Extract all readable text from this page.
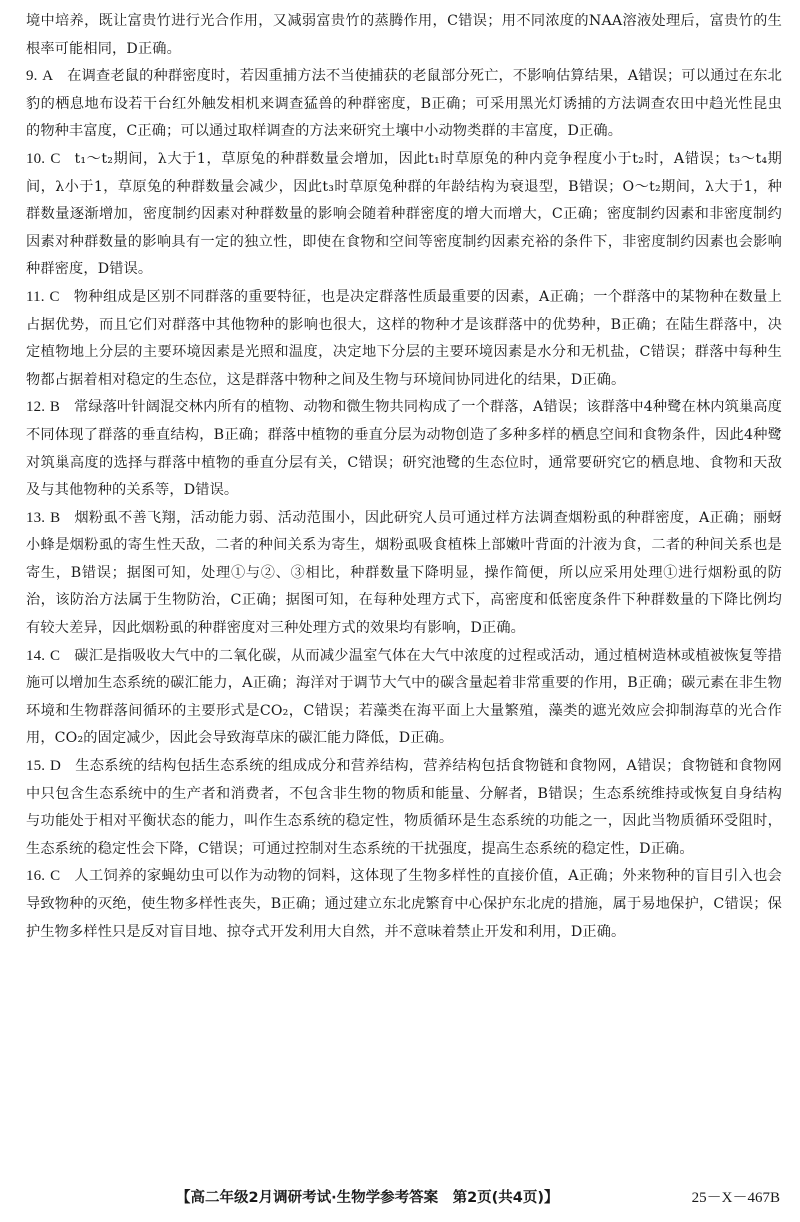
境中培养，既让富贵竹进行光合作用，又减弱富贵竹的蒸腾作用，C错误；用不同浓度的NAA溶液处理后，富贵竹的生根率可能相同，D正确。

9. A 在调查老鼠的种群密度时，若因重捕方法不当使捕获的老鼠部分死亡，不影响估算结果，A错误；可以通过在东北豹的栖息地布设若干台红外触发相机来调查猛兽的种群密度，B正确；可采用黑光灯诱捕的方法调查农田中趋光性昆虫的物种丰富度，C正确；可以通过取样调查的方法来研究土壤中小动物类群的丰富度，D正确。

10. C t₁～t₂期间，λ大于1，草原兔的种群数量会增加，因此t₁时草原兔的种内竞争程度小于t₂时，A错误；t₃～t₄期间，λ小于1，草原兔的种群数量会减少，因此t₃时草原兔种群的年龄结构为衰退型，B错误；O～t₂期间，λ大于1，种群数量逐渐增加，密度制约因素对种群数量的影响会随着种群密度的增大而增大，C正确；密度制约因素和非密度制约因素对种群数量的影响具有一定的独立性，即使在食物和空间等密度制约因素充裕的条件下，非密度制约因素也会影响种群密度，D错误。

11. C 物种组成是区别不同群落的重要特征，也是决定群落性质最重要的因素，A正确；一个群落中的某物种在数量上占据优势，而且它们对群落中其他物种的影响也很大，这样的物种才是该群落中的优势种，B正确；在陆生群落中，决定植物地上分层的主要环境因素是光照和温度，决定地下分层的主要环境因素是水分和无机盐，C错误；群落中每种生物都占据着相对稳定的生态位，这是群落中物种之间及生物与环境间协同进化的结果，D正确。

12. B 常绿落叶针阔混交林内所有的植物、动物和微生物共同构成了一个群落，A错误；该群落中4种鹭在林内筑巢高度不同体现了群落的垂直结构，B正确；群落中植物的垂直分层为动物创造了多种多样的栖息空间和食物条件，因此4种鹭对筑巢高度的选择与群落中植物的垂直分层有关，C错误；研究池鹭的生态位时，通常要研究它的栖息地、食物和天敌及与其他物种的关系等，D错误。

13. B 烟粉虱不善飞翔，活动能力弱、活动范围小，因此研究人员可通过样方法调查烟粉虱的种群密度，A正确；丽蚜小蜂是烟粉虱的寄生性天敌，二者的种间关系为寄生，烟粉虱吸食植株上部嫩叶背面的汁液为食，二者的种间关系也是寄生，B错误；据图可知，处理①与②、③相比，种群数量下降明显，操作简便，所以应采用处理①进行烟粉虱的防治，该防治方法属于生物防治，C正确；据图可知，在每种处理方式下，高密度和低密度条件下种群数量的下降比例均有较大差异，因此烟粉虱的种群密度对三种处理方式的效果均有影响，D正确。

14. C 碳汇是指吸收大气中的二氧化碳，从而减少温室气体在大气中浓度的过程或活动，通过植树造林或植被恢复等措施可以增加生态系统的碳汇能力，A正确；海洋对于调节大气中的碳含量起着非常重要的作用，B正确；碳元素在非生物环境和生物群落间循环的主要形式是CO₂，C错误；若藻类在海平面上大量繁殖，藻类的遮光效应会抑制海草的光合作用，CO₂的固定减少，因此会导致海草床的碳汇能力降低，D正确。

15. D 生态系统的结构包括生态系统的组成成分和营养结构，营养结构包括食物链和食物网，A错误；食物链和食物网中只包含生态系统中的生产者和消费者，不包含非生物的物质和能量、分解者，B错误；生态系统维持或恢复自身结构与功能处于相对平衡状态的能力，叫作生态系统的稳定性，物质循环是生态系统的功能之一，因此当物质循环受阻时，生态系统的稳定性会下降，C错误；可通过控制对生态系统的干扰强度，提高生态系统的稳定性，D正确。

16. C 人工饲养的家蝇幼虫可以作为动物的饲料，这体现了生物多样性的直接价值，A正确；外来物种的盲目引入也会导致物种的灭绝，使生物多样性丧失，B正确；通过建立东北虎繁育中心保护东北虎的措施，属于易地保护，C错误；保护生物多样性只是反对盲目地、掠夺式开发利用大自然，并不意味着禁止开发和利用，D正确。

【高二年级2月调研考试·生物学参考答案　第2页(共4页)】	25－X－467B
